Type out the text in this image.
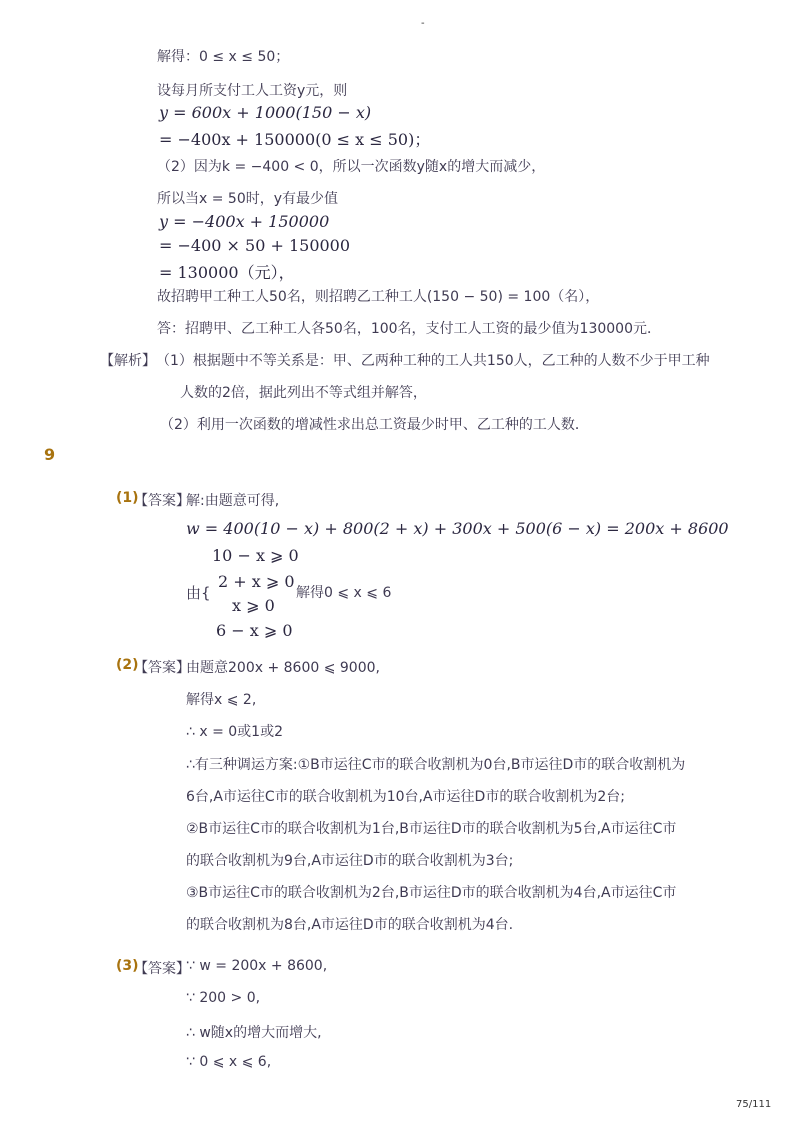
-
解得：0 ≤ x ≤ 50；
设每月所支付工人工资y元，则
y = 600x + 1000(150 − x)
= −400x + 150000(0 ≤ x ≤ 50)；
（2）因为k = −400 < 0，所以一次函数y随x的增大而减少，
所以当x = 50时，y有最少值
y = −400x + 150000
= −400 × 50 + 150000
= 130000（元），
故招聘甲工种工人50名，则招聘乙工种工人(150 − 50) = 100（名），
答：招聘甲、乙工种工人各50名，100名，支付工人工资的最少值为130000元．
【解析】 （1）根据题中不等关系是：甲、乙两种工种的工人共150人，乙工种的人数不少于甲工种
人数的2倍，据此列出不等式组并解答，
（2）利用一次函数的增减性求出总工资最少时甲、乙工种的工人数．
9
(1)
【答案】
解:由题意可得,
w = 400(10 − x) + 800(2 + x) + 300x + 500(6 − x) = 200x + 8600
10 − x ⩾ 0
由{
2 + x ⩾ 0
x ⩾ 0
6 − x ⩾ 0
解得0 ⩽ x ⩽ 6
(2)
【答案】
由题意200x + 8600 ⩽ 9000,
解得x ⩽ 2,
∴ x = 0或1或2
∴有三种调运方案:①B市运往C市的联合收割机为0台,B市运往D市的联合收割机为
6台,A市运往C市的联合收割机为10台,A市运往D市的联合收割机为2台;
②B市运往C市的联合收割机为1台,B市运往D市的联合收割机为5台,A市运往C市
的联合收割机为9台,A市运往D市的联合收割机为3台;
③B市运往C市的联合收割机为2台,B市运往D市的联合收割机为4台,A市运往C市
的联合收割机为8台,A市运往D市的联合收割机为4台.
(3)
【答案】
∵ w = 200x + 8600,
∵ 200 > 0,
∴ w随x的增大而增大,
∵ 0 ⩽ x ⩽ 6,
75/111
